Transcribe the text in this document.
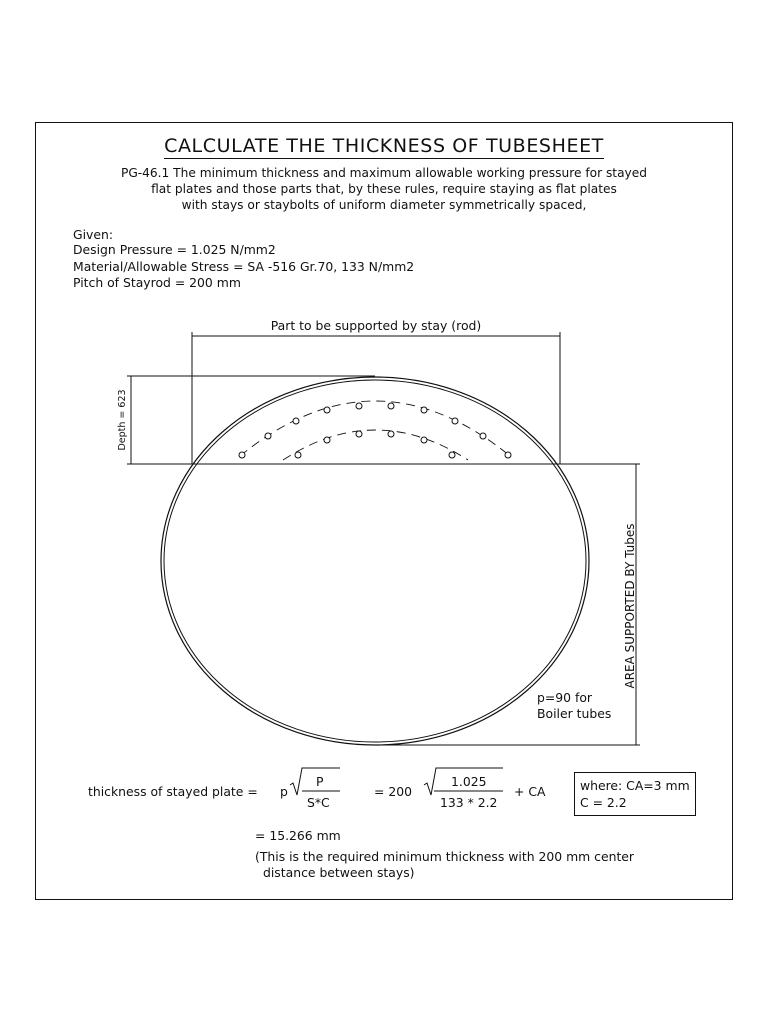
CALCULATE THE THICKNESS OF TUBESHEET
PG-46.1 The minimum thickness and maximum allowable working pressure for stayed
flat plates and those parts that, by these rules, require staying as flat plates
with stays or staybolts of uniform diameter symmetrically spaced,
Given:
Design Pressure = 1.025 N/mm2
Material/Allowable Stress = SA -516 Gr.70, 133 N/mm2
Pitch of Stayrod = 200 mm
Part to be supported by stay (rod)
Depth = 623
AREA SUPPORTED BY Tubes
p=90 for
Boiler tubes
thickness of stayed plate = p
P
S*C
= 200
1.025
133 * 2.2
+ CA	where: CA=3 mm
C = 2.2
= 15.266 mm
(This is the required minimum thickness with 200 mm center
distance between stays)
